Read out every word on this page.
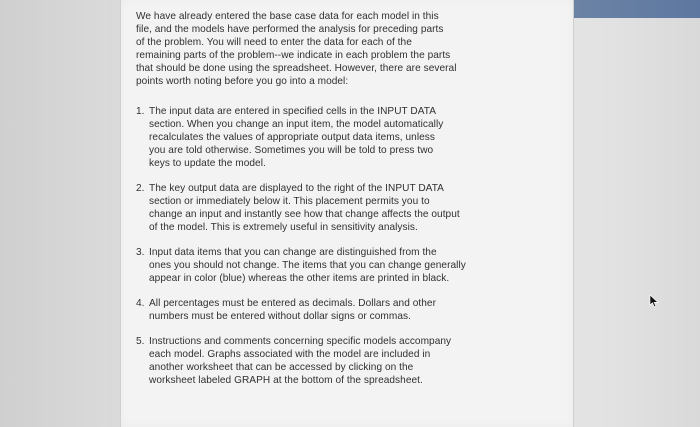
We have already entered the base case data for each model in this
file, and the models have performed the analysis for preceding parts
of the problem. You will need to enter the data for each of the
remaining parts of the problem--we indicate in each problem the parts
that should be done using the spreadsheet. However, there are several
points worth noting before you go into a model:
1. The input data are entered in specified cells in the INPUT DATA
section. When you change an input item, the model automatically
recalculates the values of appropriate output data items, unless
you are told otherwise. Sometimes you will be told to press two
keys to update the model.
2. The key output data are displayed to the right of the INPUT DATA
section or immediately below it. This placement permits you to
change an input and instantly see how that change affects the output
of the model. This is extremely useful in sensitivity analysis.
3. Input data items that you can change are distinguished from the
ones you should not change. The items that you can change generally
appear in color (blue) whereas the other items are printed in black.
4. All percentages must be entered as decimals. Dollars and other
numbers must be entered without dollar signs or commas.
5. Instructions and comments concerning specific models accompany
each model. Graphs associated with the model are included in
another worksheet that can be accessed by clicking on the
worksheet labeled GRAPH at the bottom of the spreadsheet.
